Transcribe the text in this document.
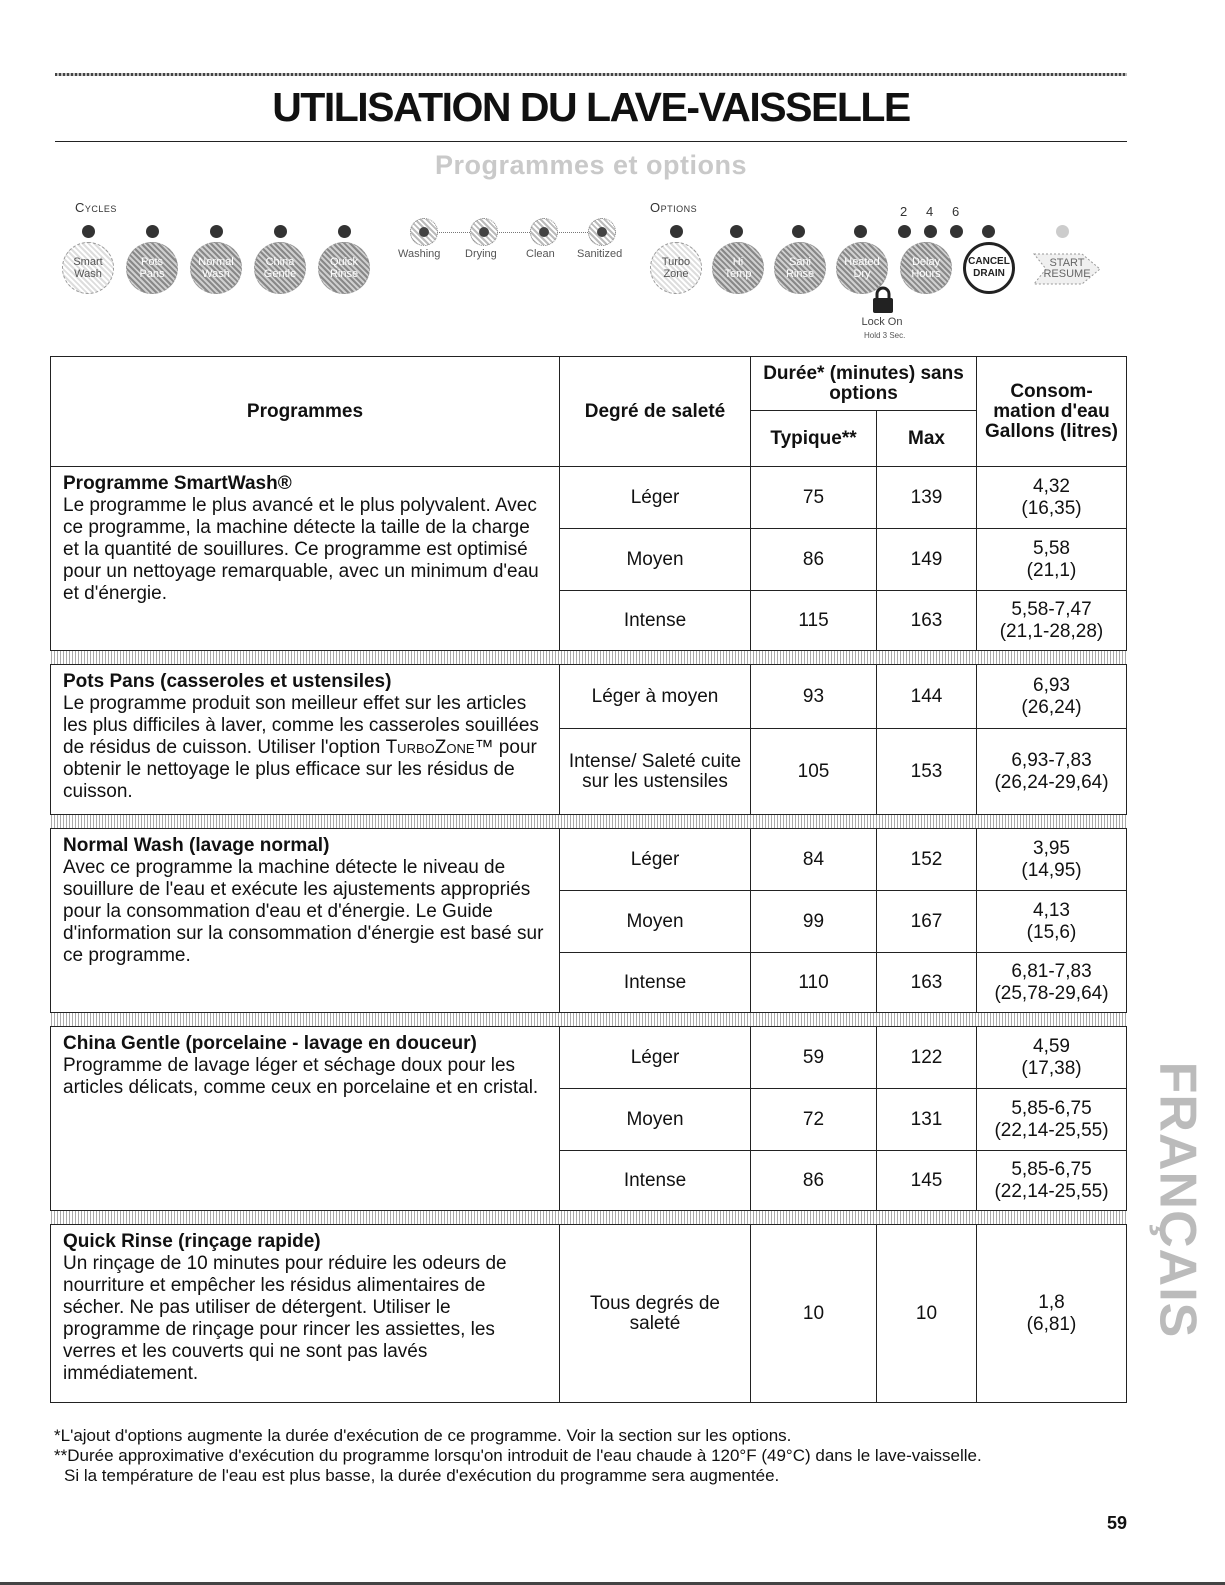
UTILISATION DU LAVE-VAISSELLE
Programmes et options
Cycles	Options
Smart
Wash
Pots
Pans
Normal
Wash
China
Gentle
Quick
Rinse
Washing Drying	Clean Sanitized
2 4 6
Turbo
Zone
Hi
Temp
Sani
Rinse
Heated
Dry
Delay
Hours
CANCEL
DRAIN
START
RESUME
Lock On
Hold 3 Sec.
Programmes	Degré de saleté	Durée* (minutes) sans options		Consom- mation d'eau Gallons (litres)
		Typique**	Max	

Programme SmartWash®
Le programme le plus avancé et le plus polyvalent. Avec ce programme, la machine détecte la taille de la charge et la quantité de souillures. Ce programme est optimisé pour un nettoyage remarquable, avec un minimum d'eau et d'énergie.	Léger	75	139	4,32
(16,35)
	Moyen	86	149	5,58
(21,1)
	Intense	115	163	5,58-7,47
(21,1-28,28)

Pots Pans (casseroles et ustensiles)
Le programme produit son meilleur effet sur les articles les plus difficiles à laver, comme les casseroles souillées de résidus de cuisson. Utiliser l'option TurboZone™ pour obtenir le nettoyage le plus efficace sur les résidus de cuisson.	Léger à moyen	93	144	6,93
(26,24)
	Intense/ Saleté cuite sur les ustensiles	105	153	6,93-7,83
(26,24-29,64)

Normal Wash (lavage normal)
Avec ce programme la machine détecte le niveau de souillure de l'eau et exécute les ajustements appropriés pour la consommation d'eau et d'énergie. Le Guide d'information sur la consommation d'énergie est basé sur ce programme.	Léger	84	152	3,95
(14,95)
	Moyen	99	167	4,13
(15,6)
	Intense	110	163	6,81-7,83
(25,78-29,64)

China Gentle (porcelaine - lavage en douceur)
Programme de lavage léger et séchage doux pour les articles délicats, comme ceux en porcelaine et en cristal.	Léger	59	122	4,59
(17,38)
	Moyen	72	131	5,85-6,75
(22,14-25,55)
	Intense	86	145	5,85-6,75
(22,14-25,55)

Quick Rinse (rinçage rapide)
Un rinçage de 10 minutes pour réduire les odeurs de nourriture et empêcher les résidus alimentaires de sécher. Ne pas utiliser de détergent. Utiliser le programme de rinçage pour rincer les assiettes, les verres et les couverts qui ne sont pas lavés immédiatement.	Tous degrés de saleté	10	10	1,8
(6,81)

*L'ajout d'options augmente la durée d'exécution de ce programme. Voir la section sur les options.

**Durée approximative d'exécution du programme lorsqu'on introduit de l'eau chaude à 120°F (49°C) dans le lave-vaisselle.

Si la température de l'eau est plus basse, la durée d'exécution du programme sera augmentée.

FRANÇAIS
59
